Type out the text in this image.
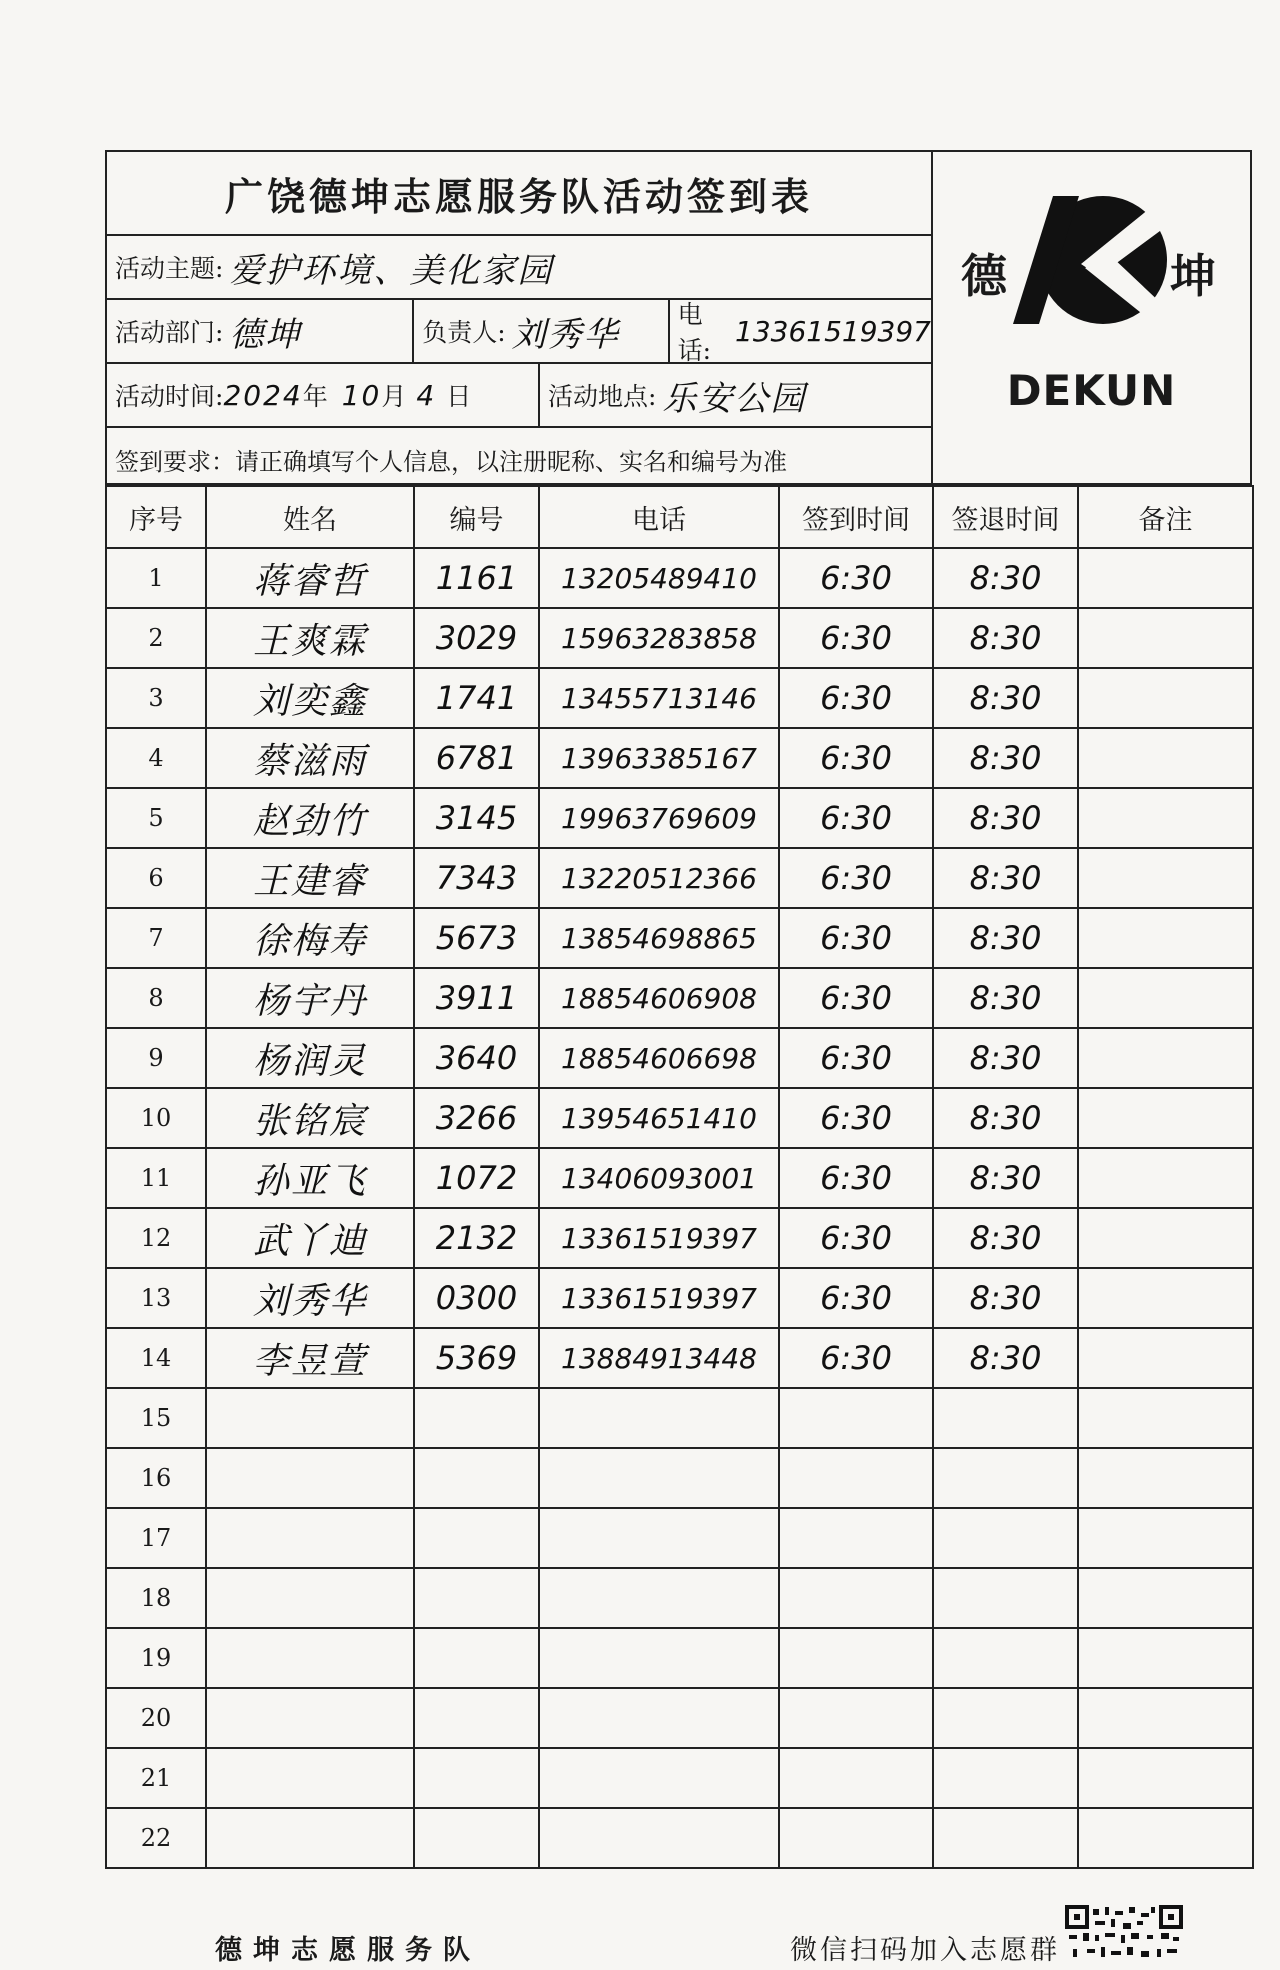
广饶德坤志愿服务队活动签到表
活动主题: 爱护环境、美化家园
活动部门: 德坤	负责人: 刘秀华 电话:
13361519397
活动时间: 2024 年 10 月 4 日	活动地点: 乐安公园
签到要求：请正确填写个人信息，以注册昵称、实名和编号为准
德	坤
DEKUN
序号	姓名	编号	电话	签到时间	签退时间	备注
1	蒋睿哲	1161	13205489410	6:30	8:30	
2	王爽霖	3029	15963283858	6:30	8:30	
3	刘奕鑫	1741	13455713146	6:30	8:30	
4	蔡滋雨	6781	13963385167	6:30	8:30	
5	赵劲竹	3145	19963769609	6:30	8:30	
6	王建睿	7343	13220512366	6:30	8:30	
7	徐梅寿	5673	13854698865	6:30	8:30	
8	杨宇丹	3911	18854606908	6:30	8:30	
9	杨润灵	3640	18854606698	6:30	8:30	
10	张铭宸	3266	13954651410	6:30	8:30	
11	孙亚飞	1072	13406093001	6:30	8:30	
12	武丫迪	2132	13361519397	6:30	8:30	
13	刘秀华	0300	13361519397	6:30	8:30	
14	李昱萱	5369	13884913448	6:30	8:30	
15						
16						
17						
18						
19						
20						
21						
22						
德坤志愿服务队	微信扫码加入志愿群
